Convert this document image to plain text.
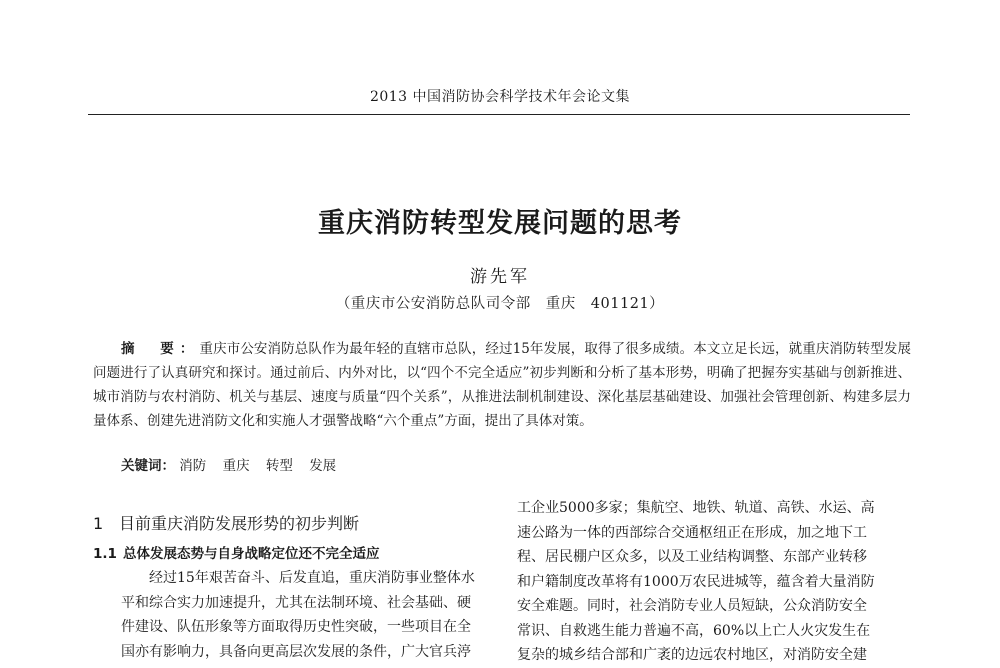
2013 中国消防协会科学技术年会论文集
重庆消防转型发展问题的思考
游先军
（重庆市公安消防总队司令部　重庆　401121）
摘　要：重庆市公安消防总队作为最年轻的直辖市总队，经过15年发展，取得了很多成绩。本文立足长远，就重庆消防转型发展问题进行了认真研究和探讨。通过前后、内外对比，以“四个不完全适应”初步判断和分析了基本形势，明确了把握夯实基础与创新推进、城市消防与农村消防、机关与基层、速度与质量“四个关系”，从推进法制机制建设、深化基层基础建设、加强社会管理创新、构建多层力量体系、创建先进消防文化和实施人才强警战略“六个重点”方面，提出了具体对策。
关键词： 消防 重庆 转型 发展
1 目前重庆消防发展形势的初步判断
1.1 总体发展态势与自身战略定位还不完全适应
经过15年艰苦奋斗、后发直追，重庆消防事业整体水
平和综合实力加速提升，尤其在法制环境、社会基础、硬
件建设、队伍形象等方面取得历史性突破，一些项目在全
国亦有影响力，具备向更高层次发展的条件，广大官兵渟
工企业5000多家；集航空、地铁、轨道、高铁、水运、高
速公路为一体的西部综合交通枢纽正在形成，加之地下工
程、居民棚户区众多，以及工业结构调整、东部产业转移
和户籍制度改革将有1000万农民进城等，蕴含着大量消防
安全难题。同时，社会消防专业人员短缺，公众消防安全
常识、自救逃生能力普遍不高，60%以上亡人火灾发生在
复杂的城乡结合部和广袤的边远农村地区，对消防安全建
